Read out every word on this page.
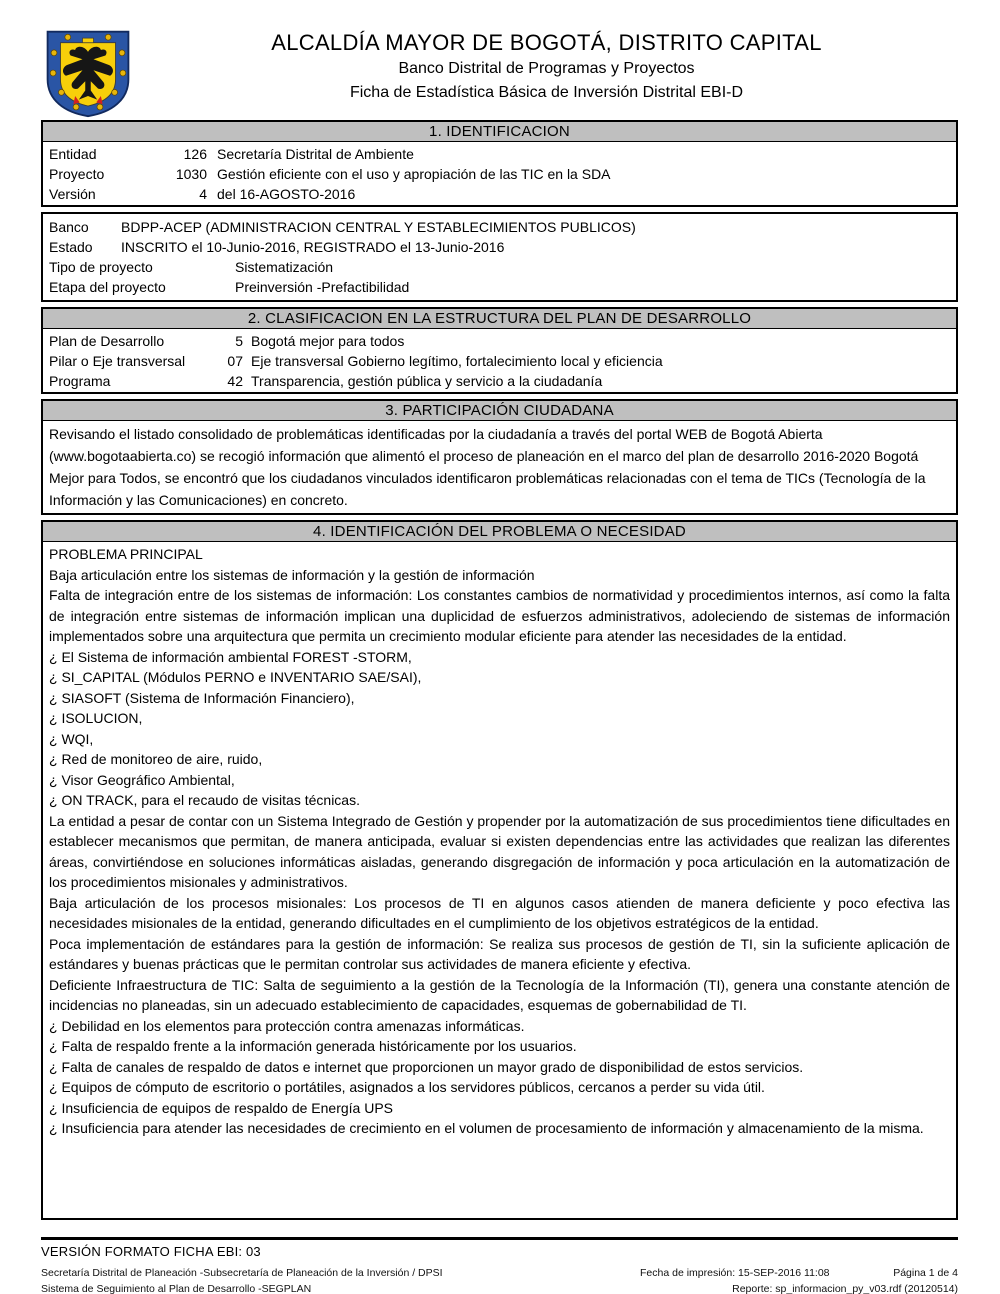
ALCALDÍA MAYOR DE BOGOTÁ, DISTRITO CAPITAL
Banco Distrital de Programas y Proyectos
Ficha de Estadística Básica de Inversión Distrital EBI-D
1. IDENTIFICACION
Entidad	126 Secretaría Distrital de Ambiente
Proyecto	1030 Gestión eficiente con el uso y apropiación de las TIC en la SDA
Versión	4 del 16-AGOSTO-2016
Banco	BDPP-ACEP (ADMINISTRACION CENTRAL Y ESTABLECIMIENTOS PUBLICOS)
Estado	INSCRITO el 10-Junio-2016, REGISTRADO el 13-Junio-2016
Tipo de proyecto	Sistematización
Etapa del proyecto	Preinversión -Prefactibilidad
2. CLASIFICACION EN LA ESTRUCTURA DEL PLAN DE DESARROLLO
Plan de Desarrollo	5 Bogotá mejor para todos
Pilar o Eje transversal	07 Eje transversal Gobierno legítimo, fortalecimiento local y eficiencia
Programa	42 Transparencia, gestión pública y servicio a la ciudadanía
3. PARTICIPACIÓN CIUDADANA

Revisando el listado consolidado de problemáticas identificadas por la ciudadanía a través del portal WEB de Bogotá Abierta (www.bogotaabierta.co) se recogió información que alimentó el proceso de planeación en el marco del plan de desarrollo 2016-2020 Bogotá Mejor para Todos, se encontró que los ciudadanos vinculados identificaron problemáticas relacionadas con el tema de TICs (Tecnología de la Información y las Comunicaciones) en concreto.

4. IDENTIFICACIÓN DEL PROBLEMA O NECESIDAD

PROBLEMA PRINCIPAL

Baja articulación entre los sistemas de información y la gestión de información

Falta de integración entre de los sistemas de información: Los constantes cambios de normatividad y procedimientos internos, así como la falta de integración entre sistemas de información implican una duplicidad de esfuerzos administrativos, adoleciendo de sistemas de información implementados sobre una arquitectura que permita un crecimiento modular eficiente para atender las necesidades de la entidad.

¿ El Sistema de información ambiental FOREST -STORM,

¿ SI_CAPITAL (Módulos PERNO e INVENTARIO SAE/SAI),

¿ SIASOFT (Sistema de Información Financiero),

¿ ISOLUCION,

¿ WQI,

¿ Red de monitoreo de aire, ruido,

¿ Visor Geográfico Ambiental,

¿ ON TRACK, para el recaudo de visitas técnicas.

La entidad a pesar de contar con un Sistema Integrado de Gestión y propender por la automatización de sus procedimientos tiene dificultades en establecer mecanismos que permitan, de manera anticipada, evaluar si existen dependencias entre las actividades que realizan las diferentes áreas, convirtiéndose en soluciones informáticas aisladas, generando disgregación de información y poca articulación en la automatización de los procedimientos misionales y administrativos.

Baja articulación de los procesos misionales: Los procesos de TI en algunos casos atienden de manera deficiente y poco efectiva las necesidades misionales de la entidad, generando dificultades en el cumplimiento de los objetivos estratégicos de la entidad.

Poca implementación de estándares para la gestión de información: Se realiza sus procesos de gestión de TI, sin la suficiente aplicación de estándares y buenas prácticas que le permitan controlar sus actividades de manera eficiente y efectiva.

Deficiente Infraestructura de TIC: Salta de seguimiento a la gestión de la Tecnología de la Información (TI), genera una constante atención de incidencias no planeadas, sin un adecuado establecimiento de capacidades, esquemas de gobernabilidad de TI.

¿ Debilidad en los elementos para protección contra amenazas informáticas.

¿ Falta de respaldo frente a la información generada históricamente por los usuarios.

¿ Falta de canales de respaldo de datos e internet que proporcionen un mayor grado de disponibilidad de estos servicios.

¿ Equipos de cómputo de escritorio o portátiles, asignados a los servidores públicos, cercanos a perder su vida útil.

¿ Insuficiencia de equipos de respaldo de Energía UPS

¿ Insuficiencia para atender las necesidades de crecimiento en el volumen de procesamiento de información y almacenamiento de la misma.

VERSIÓN FORMATO FICHA EBI: 03
Secretaría Distrital de Planeación -Subsecretaría de Planeación de la Inversión / DPSI
Sistema de Seguimiento al Plan de Desarrollo -SEGPLAN
Fecha de impresión: 15-SEP-2016 11:08	Página 1 de 4
Reporte: sp_informacion_py_v03.rdf (20120514)
